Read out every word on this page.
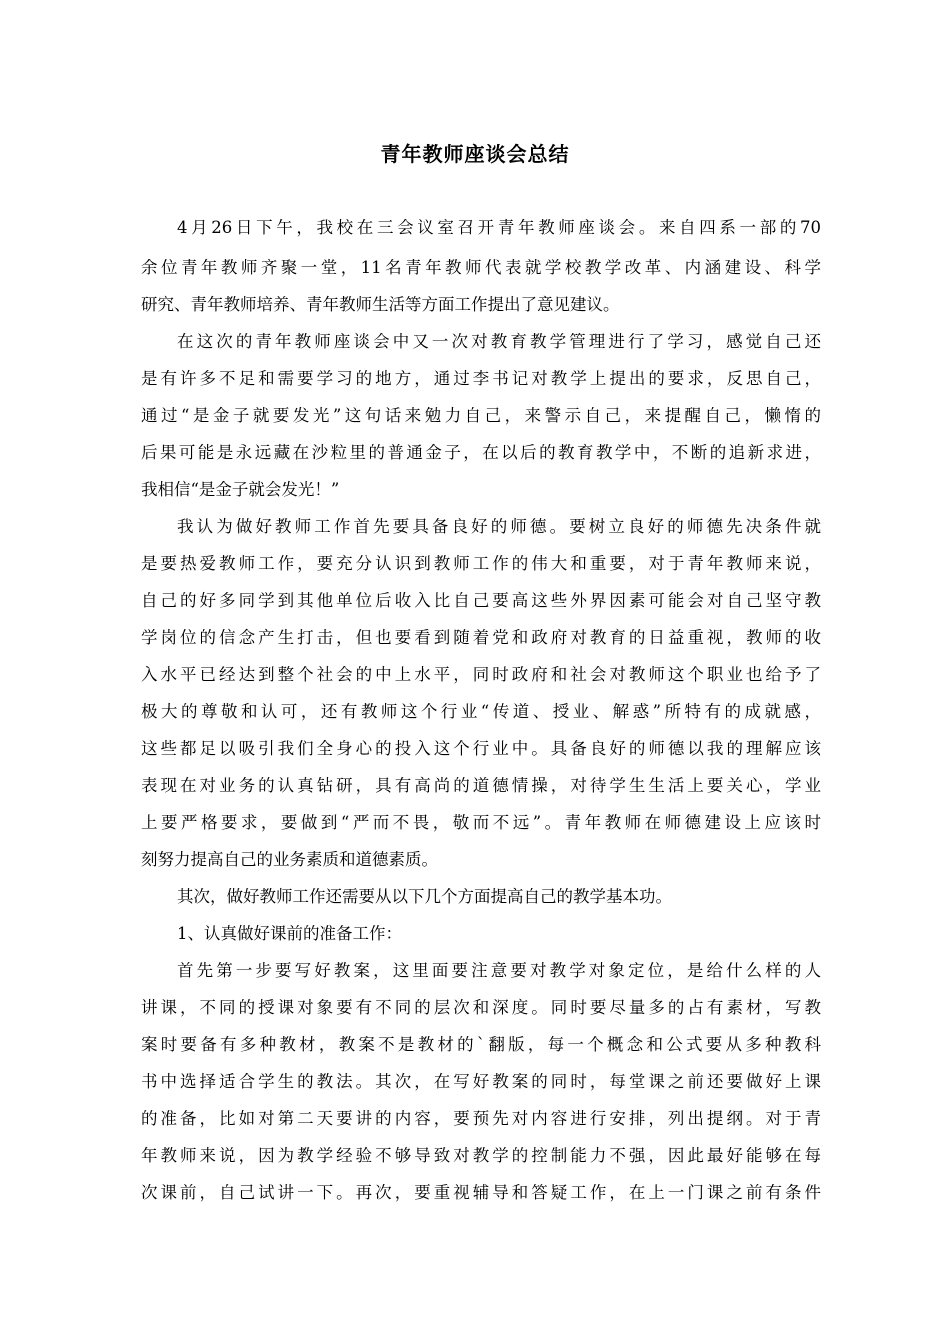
青年教师座谈会总结

4月26日下午，我校在三会议室召开青年教师座谈会。来自四系一部的70

余位青年教师齐聚一堂，11名青年教师代表就学校教学改革、内涵建设、科学

研究、青年教师培养、青年教师生活等方面工作提出了意见建议。

在这次的青年教师座谈会中又一次对教育教学管理进行了学习，感觉自己还

是有许多不足和需要学习的地方，通过李书记对教学上提出的要求，反思自己，

通过“是金子就要发光”这句话来勉力自己，来警示自己，来提醒自己，懒惰的

后果可能是永远藏在沙粒里的普通金子，在以后的教育教学中，不断的追新求进，

我相信“是金子就会发光！”

我认为做好教师工作首先要具备良好的师德。要树立良好的师德先决条件就

是要热爱教师工作，要充分认识到教师工作的伟大和重要，对于青年教师来说，

自己的好多同学到其他单位后收入比自己要高这些外界因素可能会对自己坚守教

学岗位的信念产生打击，但也要看到随着党和政府对教育的日益重视，教师的收

入水平已经达到整个社会的中上水平，同时政府和社会对教师这个职业也给予了

极大的尊敬和认可，还有教师这个行业“传道、授业、解惑”所特有的成就感，

这些都足以吸引我们全身心的投入这个行业中。具备良好的师德以我的理解应该

表现在对业务的认真钻研，具有高尚的道德情操，对待学生生活上要关心，学业

上要严格要求，要做到“严而不畏，敬而不远”。青年教师在师德建设上应该时

刻努力提高自己的业务素质和道德素质。

其次，做好教师工作还需要从以下几个方面提高自己的教学基本功。

1、认真做好课前的准备工作：

首先第一步要写好教案，这里面要注意要对教学对象定位，是给什么样的人

讲课，不同的授课对象要有不同的层次和深度。同时要尽量多的占有素材，写教

案时要备有多种教材，教案不是教材的`翻版，每一个概念和公式要从多种教科

书中选择适合学生的教法。其次，在写好教案的同时，每堂课之前还要做好上课

的准备，比如对第二天要讲的内容，要预先对内容进行安排，列出提纲。对于青

年教师来说，因为教学经验不够导致对教学的控制能力不强，因此最好能够在每

次课前，自己试讲一下。再次，要重视辅导和答疑工作，在上一门课之前有条件
